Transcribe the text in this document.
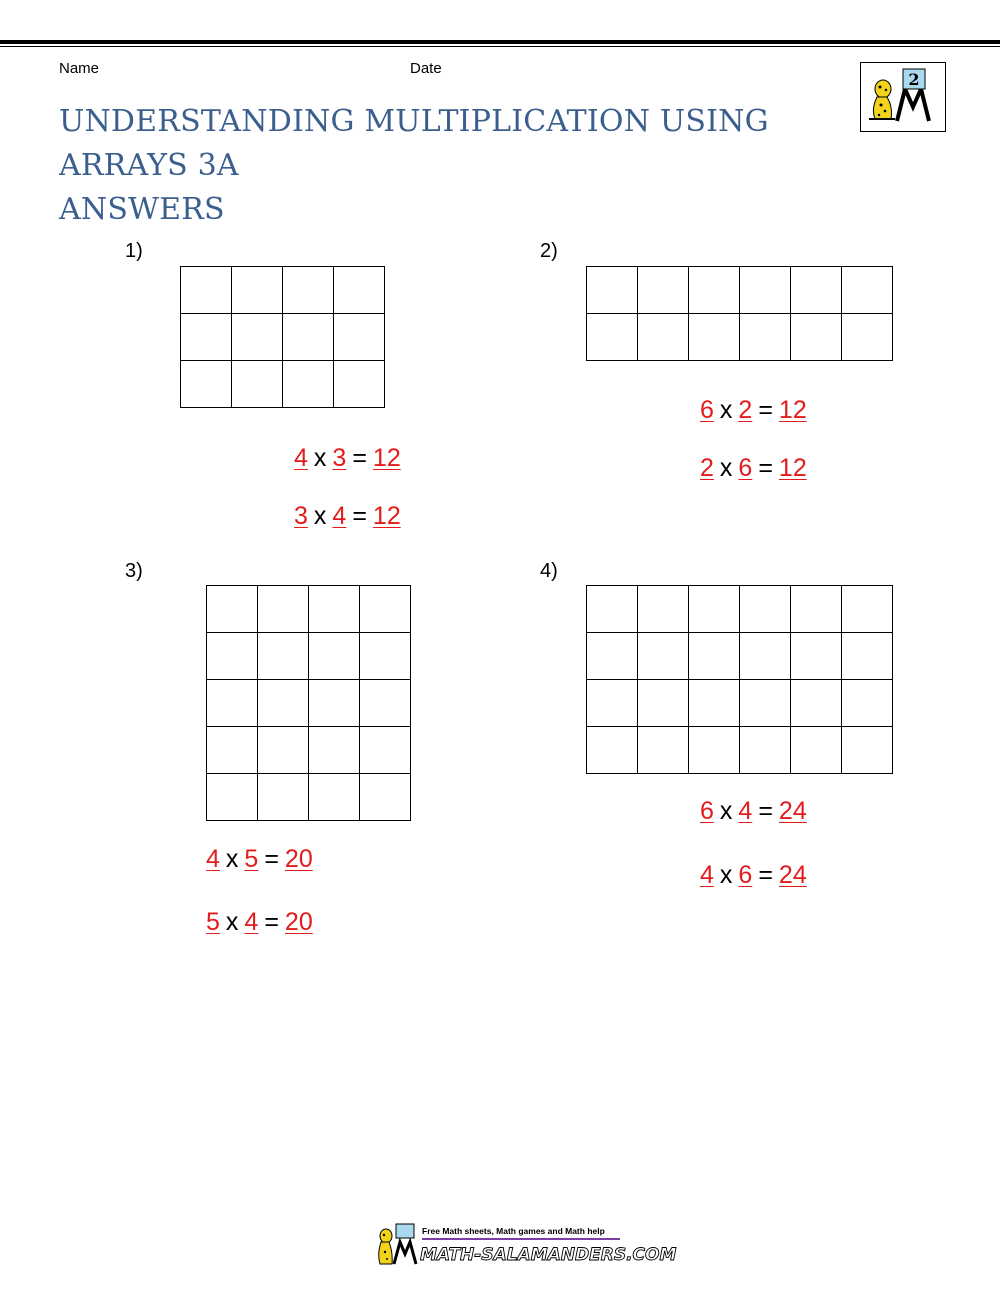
Name	Date
UNDERSTANDING MULTIPLICATION USING ARRAYS 3A
ANSWERS
2
1)

4 x 3 = 12
3 x 4 = 12
2)

6 x 2 = 12
2 x 6 = 12
3)

4 x 5 = 20
5 x 4 = 20
4)

6 x 4 = 24
4 x 6 = 24
Free Math sheets, Math games and Math help
MATH-SALAMANDERS.COM
